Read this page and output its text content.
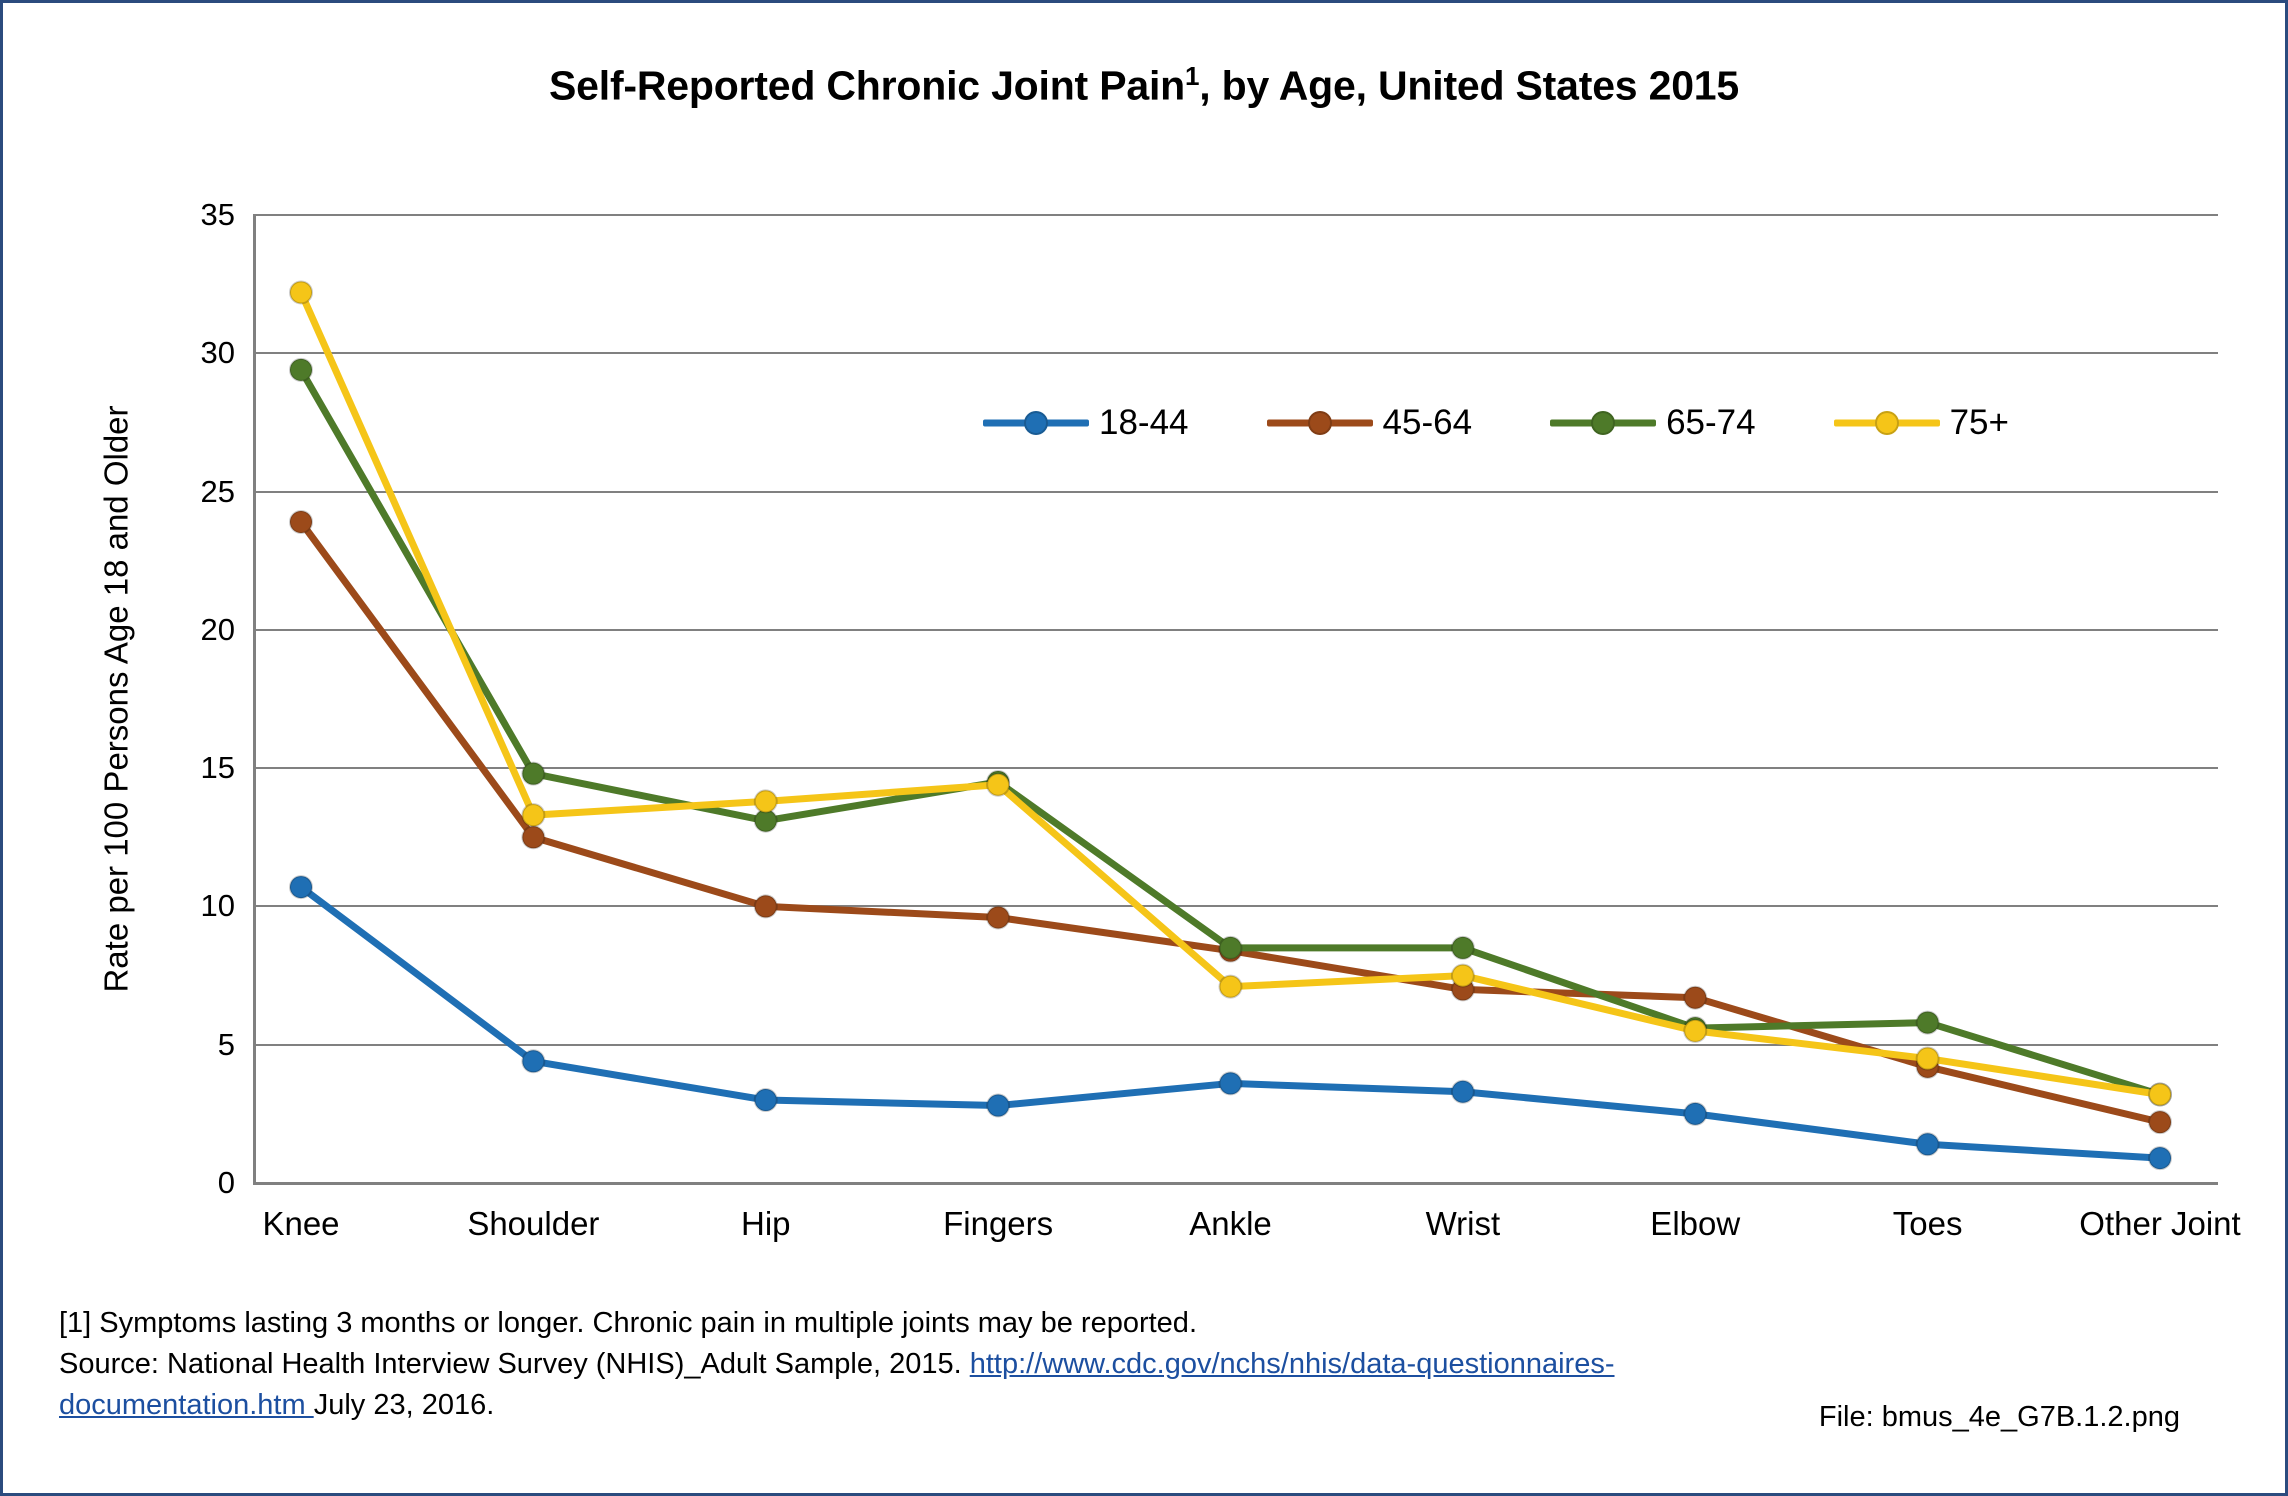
Self-Reported Chronic Joint Pain$^1$, by Age, United States 2015
Rate per 100 Persons Age 18 and Older
0
5
10
15
20
25
30
35
Knee	Shoulder	Hip	Fingers	Ankle	Wrist	Elbow	Toes	Other Joint
18-44	45-64	65-74	75+
[1] Symptoms lasting 3 months or longer. Chronic pain in multiple joints may be reported.
Source: National Health Interview Survey (NHIS)_Adult Sample, 2015. http://www.cdc.gov/nchs/nhis/data-questionnaires-documentation.htm July 23, 2016.	File: bmus_4e_G7B.1.2.png
